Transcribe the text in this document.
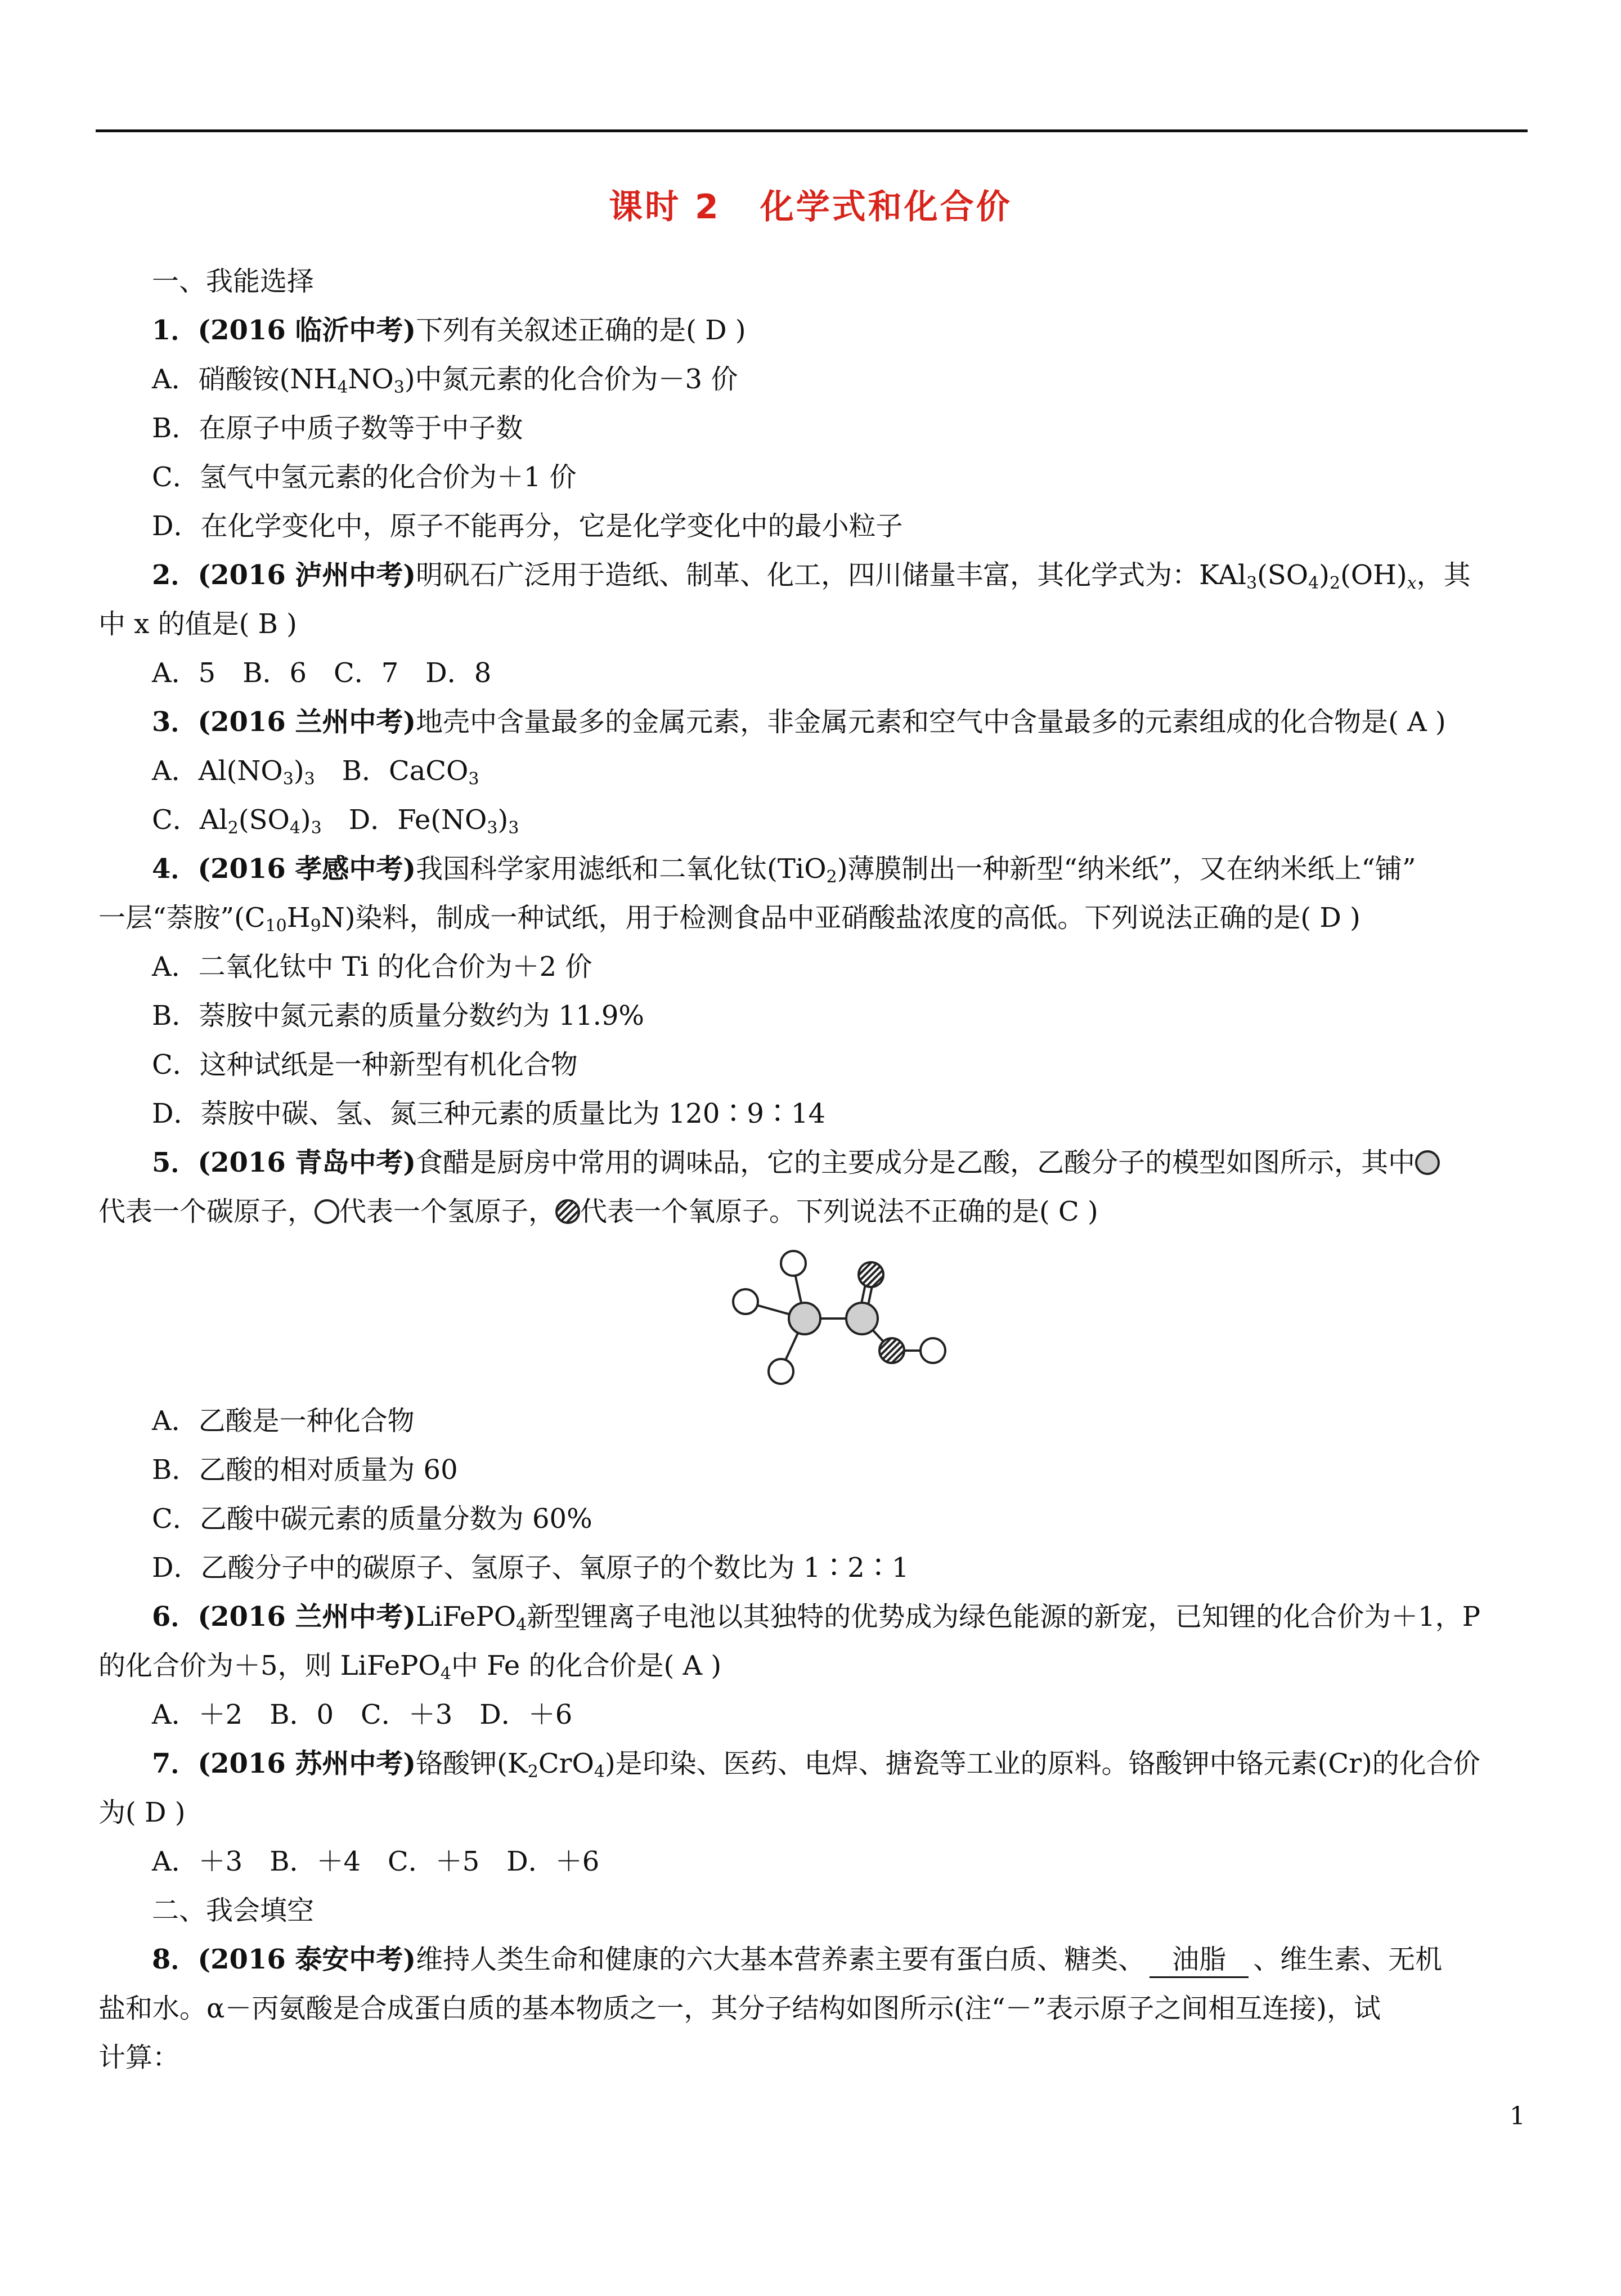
课时 2 化学式和化合价
一、我能选择
1．(2016 临沂中考)下列有关叙述正确的是( D )
A．硝酸铵$(NH_4NO_3)$中氮元素的化合价为－3 价
B．在原子中质子数等于中子数
C．氢气中氢元素的化合价为＋1 价
D．在化学变化中，原子不能再分，它是化学变化中的最小粒子
2．(2016 泸州中考)明矾石广泛用于造纸、制革、化工，四川储量丰富，其化学式为：$KAl_3(SO_4)_2(OH)_x$，其
中 x 的值是( B )
A．5　B．6　C．7　D．8
3．(2016 兰州中考)地壳中含量最多的金属元素，非金属元素和空气中含量最多的元素组成的化合物是( A )
A．$Al(NO_3)_3$　B．CaCO$_3$
C．$Al_2(SO_4)_3$　D．$Fe(NO_3)_3$
4．(2016 孝感中考)我国科学家用滤纸和二氧化钛(TiO$_2$)薄膜制出一种新型“纳米纸”，又在纳米纸上“铺”
一层“萘胺$”(C_{10}H_9N)$染料，制成一种试纸，用于检测食品中亚硝酸盐浓度的高低。下列说法正确的是( D )
A．二氧化钛中 Ti 的化合价为＋2 价
B．萘胺中氮元素的质量分数约为 11.9%
C．这种试纸是一种新型有机化合物
D．萘胺中碳、氢、氮三种元素的质量比为 120∶9∶14
5．(2016 青岛中考)食醋是厨房中常用的调味品，它的主要成分是乙酸，乙酸分子的模型如图所示，其中
代表一个碳原子， 代表一个氢原子， 代表一个氧原子。下列说法不正确的是( C )
A．乙酸是一种化合物
B．乙酸的相对质量为 60
C．乙酸中碳元素的质量分数为 60%
D．乙酸分子中的碳原子、氢原子、氧原子的个数比为 1∶2∶1
6．(2016 兰州中考)LiFePO$_4$新型锂离子电池以其独特的优势成为绿色能源的新宠，已知锂的化合价为＋1，P
的化合价为＋5，则 LiFePO$_4$中 Fe 的化合价是( A )
A．＋2　B．0　C．＋3　D．＋6
7．(2016 苏州中考)铬酸钾$(K_2CrO_4)$是印染、医药、电焊、搪瓷等工业的原料。铬酸钾中铬元素(Cr)的化合价
为( D )
A．＋3　B．＋4　C．＋5　D．＋6
二、我会填空
8．(2016 泰安中考)维持人类生命和健康的六大基本营养素主要有蛋白质、糖类、 油脂 、维生素、无机
盐和水。α－丙氨酸是合成蛋白质的基本物质之一，其分子结构如图所示(注“－”表示原子之间相互连接)，试
计算：
1
